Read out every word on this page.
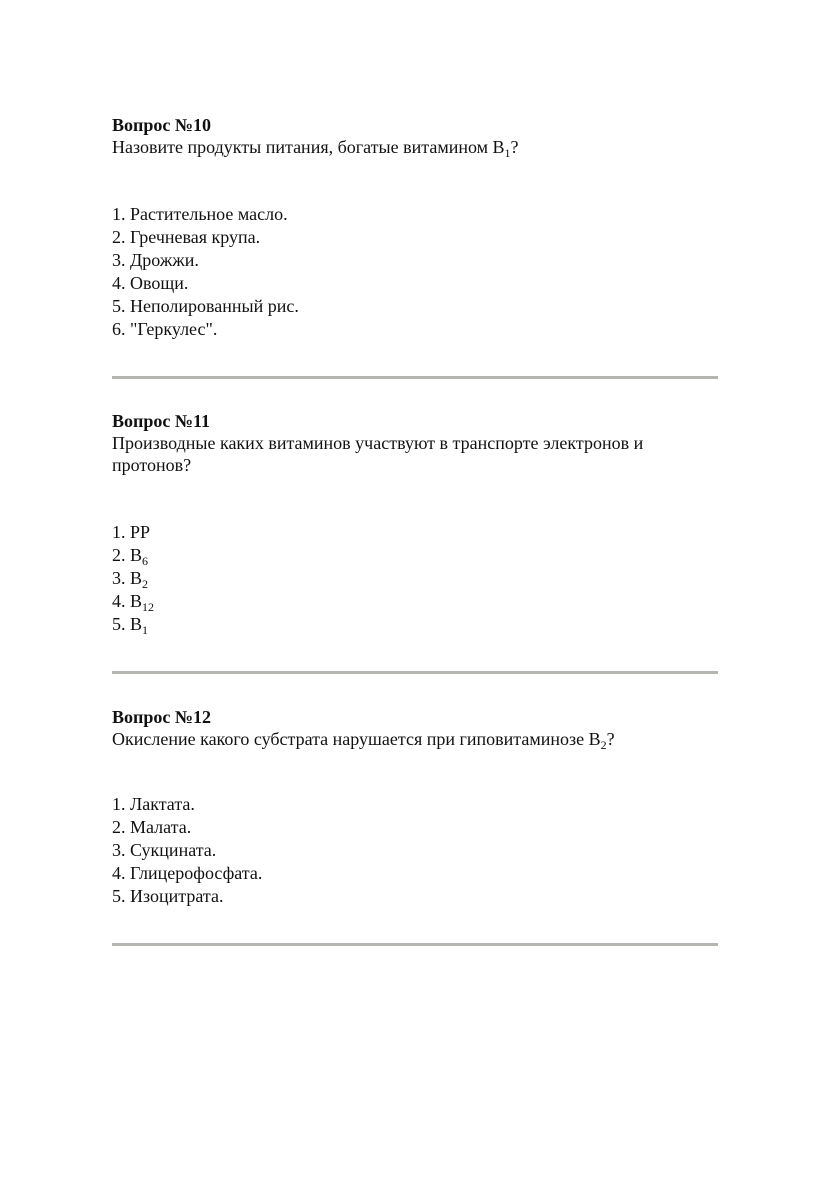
Вопрос №10

Назовите продукты питания, богатые витамином $B_1$?

1. Растительное масло.
2. Гречневая крупа.
3. Дрожжи.
4. Овощи.
5. Неполированный рис.
6. "Геркулес".

Вопрос №11

Производные каких витаминов участвуют в транспорте электронов и протонов?

1. PP
2. $B_6$
3. $B_2$
4. $B_{12}$
5. $B_1$

Вопрос №12

Окисление какого субстрата нарушается при гиповитаминозе $B_2$?

1. Лактата.
2. Малата.
3. Сукцината.
4. Глицерофосфата.
5. Изоцитрата.
